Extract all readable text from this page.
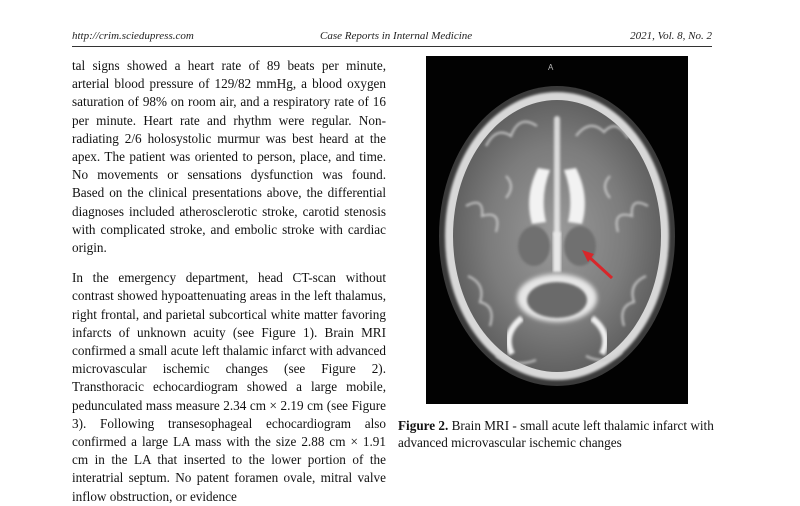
http://crim.sciedupress.com	Case Reports in Internal Medicine	2021, Vol. 8, No. 2

tal signs showed a heart rate of 89 beats per minute, arterial blood pressure of 129/82 mmHg, a blood oxygen saturation of 98% on room air, and a respiratory rate of 16 per minute. Heart rate and rhythm were regular. Non-radiating 2/6 holosystolic murmur was best heard at the apex. The patient was oriented to person, place, and time. No movements or sensations dysfunction was found. Based on the clinical presentations above, the differential diagnoses included atherosclerotic stroke, carotid stenosis with complicated stroke, and embolic stroke with cardiac origin.

In the emergency department, head CT-scan without contrast showed hypoattenuating areas in the left thalamus, right frontal, and parietal subcortical white matter favoring infarcts of unknown acuity (see Figure 1). Brain MRI confirmed a small acute left thalamic infarct with advanced microvascular ischemic changes (see Figure 2). Transthoracic echocardiogram showed a large mobile, pedunculated mass measure 2.34 cm × 2.19 cm (see Figure 3). Following transesophageal echocardiogram also confirmed a large LA mass with the size 2.88 cm × 1.91 cm in the LA that inserted to the lower portion of the interatrial septum. No patent foramen ovale, mitral valve inflow obstruction, or evidence

A
Figure 2. Brain MRI - small acute left thalamic infarct with advanced microvascular ischemic changes
